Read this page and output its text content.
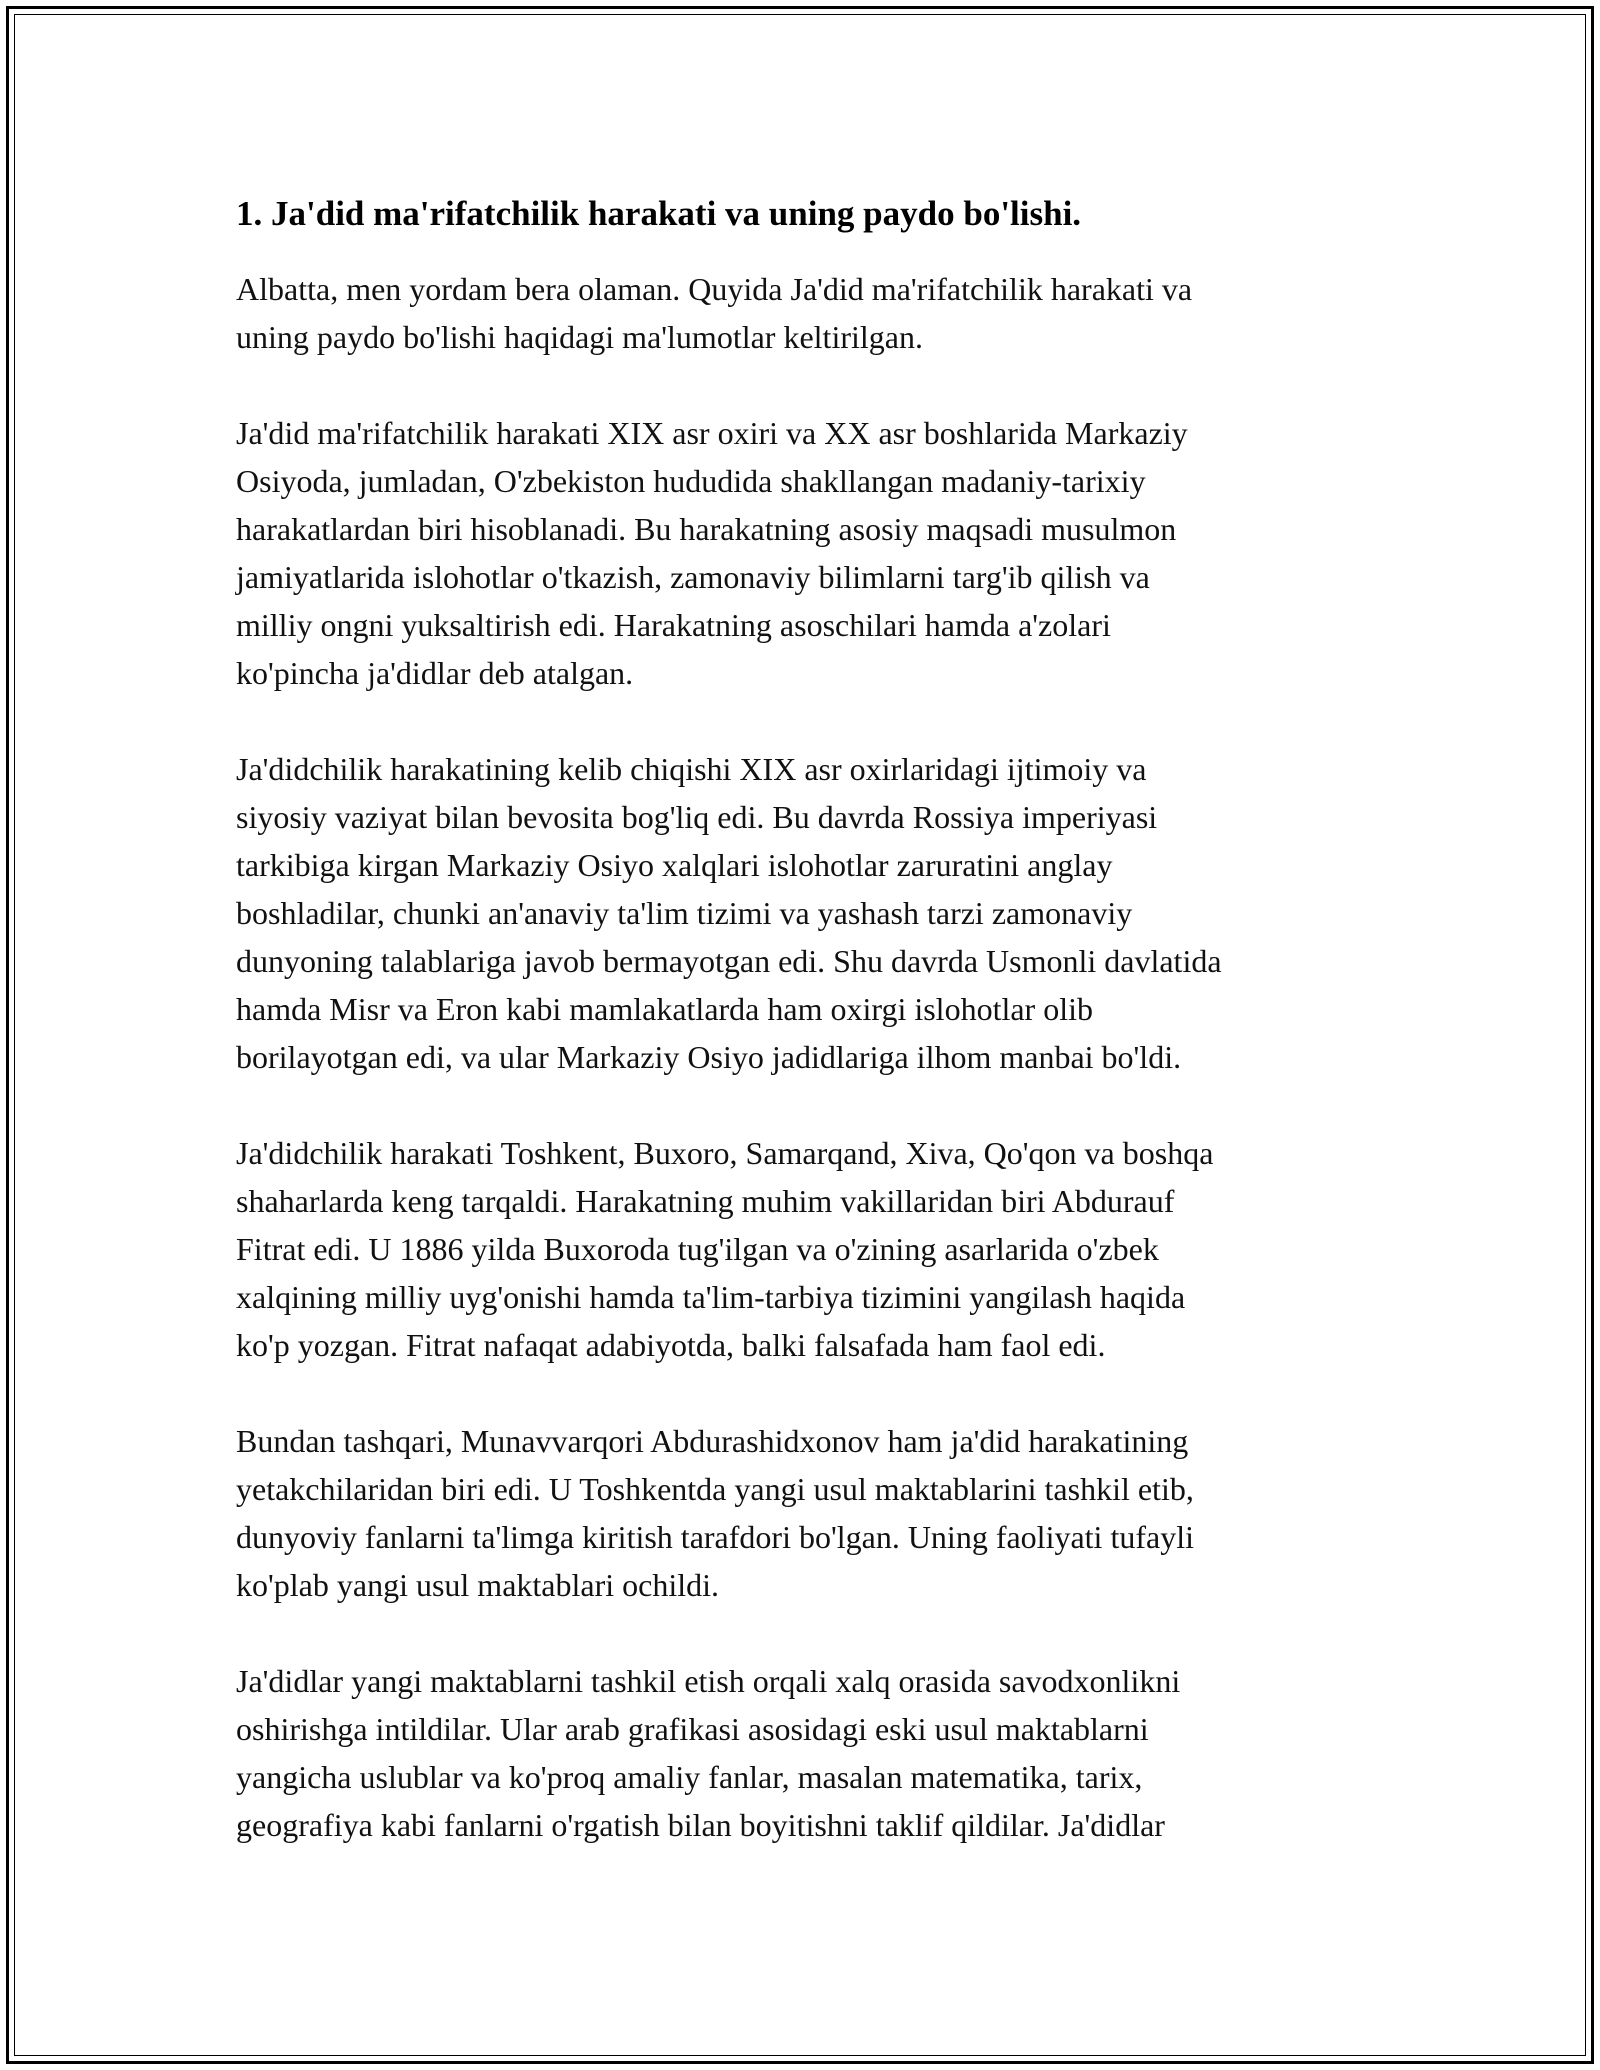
1. Ja'did ma'rifatchilik harakati va uning paydo bo'lishi.

Albatta, men yordam bera olaman. Quyida Ja'did ma'rifatchilik harakati va
uning paydo bo'lishi haqidagi ma'lumotlar keltirilgan.

Ja'did ma'rifatchilik harakati XIX asr oxiri va XX asr boshlarida Markaziy
Osiyoda, jumladan, O'zbekiston hududida shakllangan madaniy-tarixiy
harakatlardan biri hisoblanadi. Bu harakatning asosiy maqsadi musulmon
jamiyatlarida islohotlar o'tkazish, zamonaviy bilimlarni targ'ib qilish va
milliy ongni yuksaltirish edi. Harakatning asoschilari hamda a'zolari
ko'pincha ja'didlar deb atalgan.

Ja'didchilik harakatining kelib chiqishi XIX asr oxirlaridagi ijtimoiy va
siyosiy vaziyat bilan bevosita bog'liq edi. Bu davrda Rossiya imperiyasi
tarkibiga kirgan Markaziy Osiyo xalqlari islohotlar zaruratini anglay
boshladilar, chunki an'anaviy ta'lim tizimi va yashash tarzi zamonaviy
dunyoning talablariga javob bermayotgan edi. Shu davrda Usmonli davlatida
hamda Misr va Eron kabi mamlakatlarda ham oxirgi islohotlar olib
borilayotgan edi, va ular Markaziy Osiyo jadidlariga ilhom manbai bo'ldi.

Ja'didchilik harakati Toshkent, Buxoro, Samarqand, Xiva, Qo'qon va boshqa
shaharlarda keng tarqaldi. Harakatning muhim vakillaridan biri Abdurauf
Fitrat edi. U 1886 yilda Buxoroda tug'ilgan va o'zining asarlarida o'zbek
xalqining milliy uyg'onishi hamda ta'lim-tarbiya tizimini yangilash haqida
ko'p yozgan. Fitrat nafaqat adabiyotda, balki falsafada ham faol edi.

Bundan tashqari, Munavvarqori Abdurashidxonov ham ja'did harakatining
yetakchilaridan biri edi. U Toshkentda yangi usul maktablarini tashkil etib,
dunyoviy fanlarni ta'limga kiritish tarafdori bo'lgan. Uning faoliyati tufayli
ko'plab yangi usul maktablari ochildi.

Ja'didlar yangi maktablarni tashkil etish orqali xalq orasida savodxonlikni
oshirishga intildilar. Ular arab grafikasi asosidagi eski usul maktablarni
yangicha uslublar va ko'proq amaliy fanlar, masalan matematika, tarix,
geografiya kabi fanlarni o'rgatish bilan boyitishni taklif qildilar. Ja'didlar
